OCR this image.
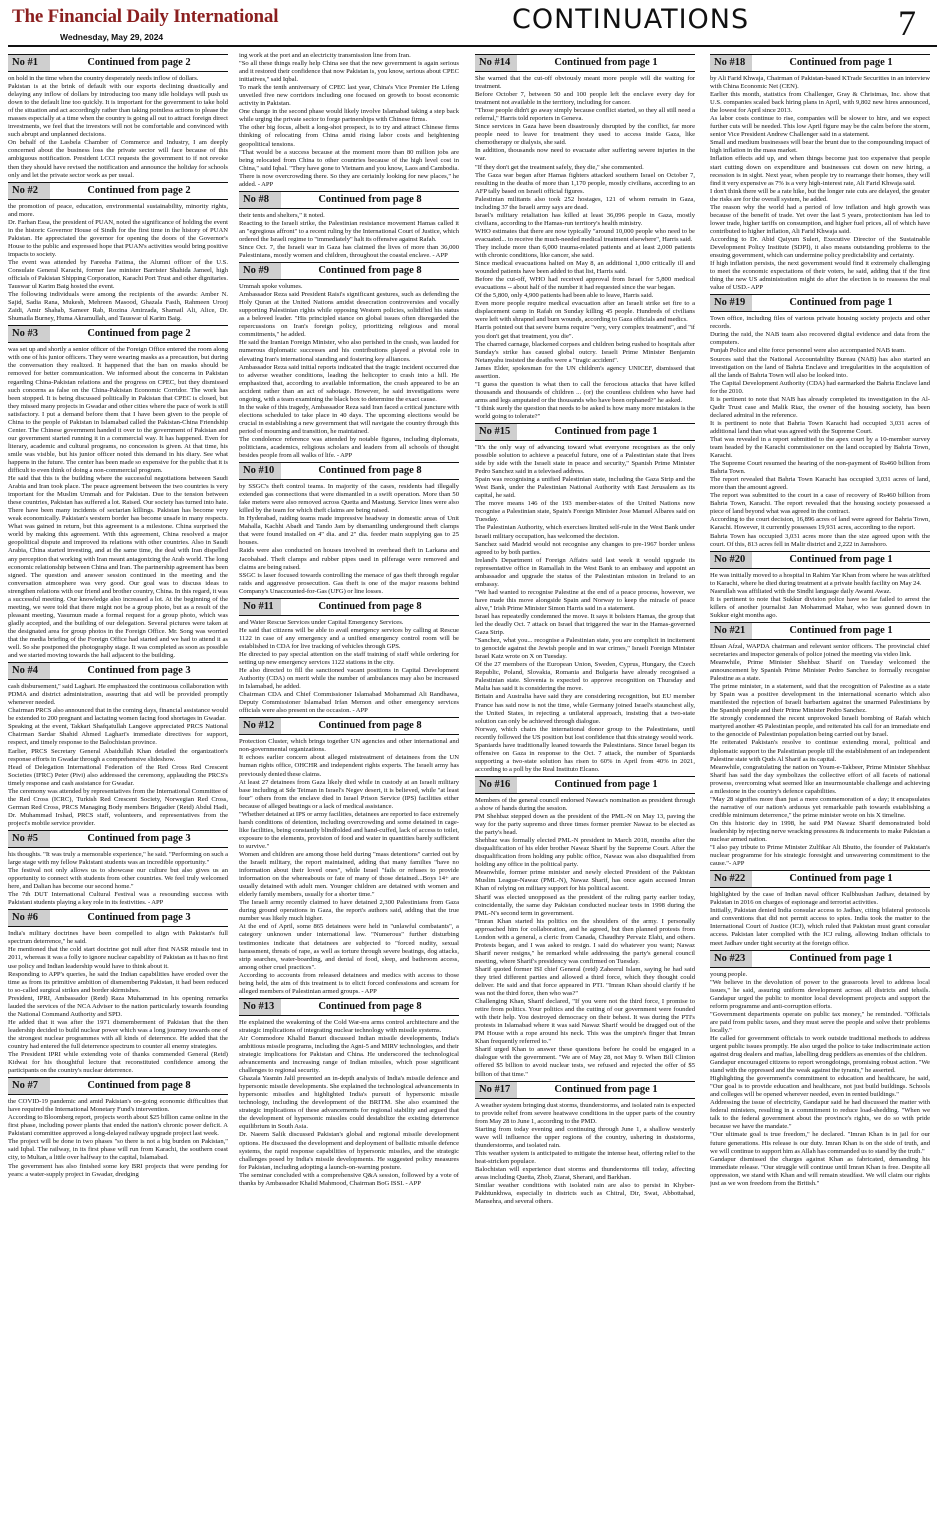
The Financial Daily International
Wednesday, May 29, 2024
CONTINUATIONS	7
No #1	Continued from page 2

on hold in the time when the country desperately needs inflow of dollars.

Pakistan is at the brink of default with our exports declining drastically and delaying any inflow of dollars by introducing too many idle holidays will push us down to the default line too quickly. It is important for the government to take hold of the situation and act accordingly rather than taking pointless actions to please the masses especially at a time when the country is going all out to attract foreign direct investments, we feel that the investors will not be comfortable and convinced with such abrupt and unplanned decisions.

On behalf of the Lasbela Chamber of Commerce and Industry, I am deeply concerned about the business loss the private sector will face because of this ambiguous notification. President LCCI requests the government to if not revoke then they should have revised the notification and announce the holiday for schools only and let the private sector work as per usual.

No #2	Continued from page 2

the promotion of peace, education, environmental sustainability, minority rights, and more.

Dr. Farhan Essa, the president of PUAN, noted the significance of holding the event in the historic Governor House of Sindh for the first time in the history of PUAN Pakistan. He appreciated the governor for opening the doors of the Governor's House to the public and expressed hope that PUAN's activities would bring positive impacts to society.

The event was attended by Fareeha Fatima, the Alumni officer of the U.S. Consulate General Karachi, former law minister Barrister Shahida Jameel, high officials of Pakistan Shipping Corporation, Karachi Port Trust and other dignitaries. Tauswar ul Karim Baig hosted the event.

The following individuals were among the recipients of the awards: Amber N. Sajid, Sadia Rana, Mukesh, Mehreen Masood, Ghazala Fasih, Rahmeen Urooj Zaidi, Amir Shahab, Sameer Rab, Rozina Amirzada, Shamail Ali, Alice, Dr. Shumaila Burney, Huma Akramullah, and Tauswar ul Karim Baig.

No #3	Continued from page 2

was set up and shortly a senior officer of the Foreign Office entered the room along with one of his junior officers. They were wearing masks as a precaution, but during the conversation they realized. It happened that the ban on masks should be removed for better communication. We informed about the concerns in Pakistan regarding China-Pakistan relations and the progress on CPEC, but they dismissed such concerns as false on the China-Pakistan Economic Corridor. The work has been stopped. It is being discussed politically in Pakistan that CPEC is closed, but they missed many projects in Gwadar and other cities where the pace of work is still satisfactory. I put a demand before them that I have been given to the people of China to the people of Pakistan in Islamabad called the Pakistan-China Friendship Center. The Chinese government handed it over to the government of Pakistan and our government started running it in a commercial way. It has happened. Even for literary, academic and cultural programs, no concession is given. At that time, his smile was visible, but his junior officer noted this demand in his diary. See what happens in the future. The center has been made so expensive for the public that it is difficult to even think of doing a non-commercial program.

He said that this is the building where the successful negotiations between Saudi Arabia and Iran took place. The peace agreement between the two countries is very important for the Muslim Ummah and for Pakistan. Due to the tension between these countries, Pakistan has suffered a lot. Raised. Our society has turned into hate. There have been many incidents of sectarian killings. Pakistan has become very weak economically. Pakistan's western border has become unsafe in many respects. What was gained in return, but this agreement is a milestone. China surprised the world by making this agreement. With this agreement, China resolved a major geopolitical dispute and improved its relations with other countries. Also in Saudi Arabia, China started investing, and at the same time, the deal with Iran dispelled any perception that working with Iran meant antagonizing the Arab world. The long economic relationship between China and Iran. The partnership agreement has been signed. The question and answer session continued in the meeting and the conversation atmosphere was very good. Our goal was to discuss ideas to strengthen relations with our friend and brother country, China. In this regard, it was a successful meeting. Our knowledge also increased a lot. At the beginning of the meeting, we were told that there might not be a group photo, but as a result of the pleasant meeting, Yasumun made a formal request for a group photo, which was gladly accepted, and the building of our delegation. Several pictures were taken at the designated area for group photos in the Foreign Office. Mr. Song was worried that the media briefing of the Foreign Office had started and we had to attend it as well. So she postponed the photography stage. It was completed as soon as possible and we started moving towards the hall adjacent to the building.

No #4	Continued from page 3

cash disbursement," said Laghari. He emphasized the continuous collaboration with PDMA and district administration, assuring that aid will be provided promptly whenever needed.

Chairman PRCS also announced that in the coming days, financial assistance would be extended to 200 pregnant and lactating women facing food shortages in Gwadar.

Speaking at the event, Takkari Shafqatullah Langove appreciated PRCS National Chairman Sardar Shahid Ahmed Laghari's immediate directives for support, respect, and timely response to the Balochistan province.

Earlier, PRCS Secretary General Abaidullah Khan detailed the organization's response efforts in Gwadar through a comprehensive slideshow.

Head of Delegation International Federation of the Red Cross Red Crescent Societies (IFRC) Peter (Pivi) also addressed the ceremony, applauding the PRCS's timely response and cash assistance for Gwadar.

The ceremony was attended by representatives from the International Committee of the Red Cross (ICRC), Turkish Red Crescent Society, Norwegian Red Cross, German Red Cross, PRCS Managing Body members Brigadier (Retd) Abdul Hadi, Dr. Muhammad Irshad, PRCS staff, volunteers, and representatives from the project's mobile service provider.

No #5	Continued from page 3

his thoughts. "It was truly a memorable experience," he said. "Performing on such a large stage with my fellow Pakistani students was an incredible opportunity."

The festival not only allows us to showcase our culture but also gives us an opportunity to connect with students from other countries. We feel truly welcomed here, and Dalian has become our second home."

The 7th DUT International Cultural Festival was a resounding success with Pakistani students playing a key role in its festivities. - APP

No #6	Continued from page 3

India's military doctrines have been compelled to align with Pakistan's full spectrum deterrence," he said.

He mentioned that the cold start doctrine got null after first NASR missile test in 2011, whereas it was a folly to ignore nuclear capability of Pakistan as it has no first use policy and Indian leadership would have to think about it.

Responding to APP's queries, he said the Indian capabilities have eroded over the time as from its primitive ambition of dismembering Pakistan, it had been reduced to so-called surgical strikes and border skirmishes.

President, IPRI, Ambassador (Retd) Raza Muhammad in his opening remarks lauded the services of the NCA Adviser to the nation particularly towards founding the National Command Authority and SPD.

He added that it was after the 1971 dismemberment of Pakistan that the then leadership decided to build nuclear power which was a long journey towards one of the strongest nuclear programmes with all kinds of deterrence. He added that the country had entered the full deterrence spectrum to counter all enemy strategies.

The President IPRI while extending vote of thanks commended General (Retd) Kidwai for his thoughtful lecture that reconstituted confidence among the participants on the country's nuclear deterrence.

No #7	Continued from page 8

the COVID-19 pandemic and amid Pakistan's on-going economic difficulties that have required the International Monetary Fund's intervention.

According to Bloomberg report, projects worth about $25 billion came online in the first phase, including power plants that ended the nation's chronic power deficit. A Pakistani committee approved a long-delayed railway upgrade project last week.

The project will be done in two phases "so there is not a big burden on Pakistan," said Iqbal. The railway, in its first phase will run from Karachi, the southern coast city, to Multan, a little over halfway to the capital, Islamabad.

The government has also finished some key BRI projects that were pending for years: a water-supply project in Gwadar, dredging

ing work at the port and an electricity transmission line from Iran.

"So all these things really help China see that the new government is again serious and it restored their confidence that now Pakistan is, you know, serious about CPEC initiatives," said Iqbal.

To mark the tenth anniversary of CPEC last year, China's Vice Premier He Lifeng unveiled five new corridors including one focused on growth to boost economic activity in Pakistan.

One change in the second phase would likely involve Islamabad taking a step back while urging the private sector to forge partnerships with Chinese firms.

The other big focus, albeit a long-shot prospect, is to try and attract Chinese firms thinking of relocating from China amid rising labor costs and heightening geopolitical tensions.

"That would be a success because at the moment more than 80 million jobs are being relocated from China to other countries because of the high level cost in China," said Iqbal. "They have gone to Vietnam and you know, Laos and Cambodia. There is now overcrowding there. So they are certainly looking for new places," he added. - APP

No #8	Continued from page 8

their tents and shelters," it noted.

Reacting to the Israeli strike, the Palestinian resistance movement Hamas called it an "egregious affront" to a recent ruling by the International Court of Justice, which ordered the Israeli regime to "immediately" halt its offensive against Rafah.

Since Oct. 7, the Israeli war in Gaza has claimed the lives of more than 36,000 Palestinians, mostly women and children, throughout the coastal enclave. - APP

No #9	Continued from page 8

Ummah spoke volumes.

Ambassador Reza said President Raisi's significant gestures, such as defending the Holy Quran at the United Nations amidst desecration controversies and vocally supporting Palestinian rights while opposing Western policies, solidified his status as a beloved leader. "His principled stance on global issues often disregarded the repercussions on Iran's foreign policy, prioritizing religious and moral commitments," he added.

He said the Iranian Foreign Minister, who also perished in the crash, was lauded for numerous diplomatic successes and his contributions played a pivotal role in elevating Iran's international standing and fostering key alliances.

Ambassador Reza said initial reports indicated that the tragic incident occurred due to adverse weather conditions, leading the helicopter to crash into a hill. He emphasized that, according to available information, the crash appeared to be an accident rather than an act of sabotage. However, he said investigations were ongoing, with a team examining the black box to determine the exact cause.

In the wake of this tragedy, Ambassador Reza said Iran faced a critical juncture with elections scheduled to take place in 40 days. The upcoming elections would be crucial in establishing a new government that will navigate the country through this period of mourning and transition, he maintained.

The condolence reference was attended by notable figures, including diplomats, politicians, academics, religious scholars and leaders from all schools of thought besides people from all walks of life. - APP

No #10	Continued from page 8

by SSGC's theft control teams. In majority of the cases, residents had illegally extended gas connections that were dismantled in a swift operation. More than 50 fake meters were also removed across Quetta and Mastung. Service lines were also killed by the team for which theft claims are being raised.

In Hyderabad, raiding teams made impressive headway in domestic areas of Unit Mahalla, Kachhi Abadi and Tando Jam by dismantling underground theft clamps that were found installed on 4" dia. and 2" dia. feeder main supplying gas to 25 houses.

Raids were also conducted on houses involved in overhead theft in Larkana and Jacobabad. Theft clamps and rubber pipes used in pilferage were removed and claims are being raised.

SSGC is laser focused towards controlling the menace of gas theft through regular raids and aggressive prosecution. Gas theft is one of the major reasons behind Company's Unaccounted-for-Gas (UFG) or line losses.

No #11	Continued from page 8

and Water Rescue Services under Capital Emergency Services.

He said that citizens will be able to avail emergency services by calling at Rescue 1122 in case of any emergency and a unified emergency control room will be established in CDA for live tracking of vehicles through GPS.

He directed to pay special attention on the staff training of staff while ordering for setting up new emergency services 1122 stations in the city.

He also directed to fill the sanctioned vacant positions in Capital Development Authority (CDA) on merit while the number of ambulances may also be increased in Islamabad, he added.

Chairman CDA and Chief Commissioner Islamabad Mohammad Ali Randhawa, Deputy Commissioner Islamabad Irfan Memon and other emergency services officials were also present on the occasion. - APP

No #12	Continued from page 8

Protection Cluster, which brings together UN agencies and other international and non-governmental organizations.

It echoes earlier concern about alleged mistreatment of detainees from the UN human rights office, OHCHR and independent rights experts. The Israeli army has previously denied these claims.

At least 27 detainees from Gaza likely died while in custody at an Israeli military base including at Sde Teiman in Israel's Negev desert, it is believed, while "at least four" others from the enclave died in Israel Prison Service (IPS) facilities either because of alleged beatings or a lack of medical assistance.

"Whether detained at IPS or army facilities, detainees are reported to face extremely harsh conditions of detention, including overcrowding and some detained in cage-like facilities, being constantly blindfolded and hand-cuffed, lack of access to toilet, exposure to the elements, provision of food and water in quantities barely sufficient to survive."

Women and children are among those held during "mass detentions" carried out by the Israeli military, the report maintained, adding that many families "have no information about their loved ones", while Israel "fails or refuses to provide information on the whereabouts or fate of many of those detained...Boys 14+ are usually detained with adult men. Younger children are detained with women and elderly family members, usually for a shorter time."

The Israeli army recently claimed to have detained 2,300 Palestinians from Gaza during ground operations in Gaza, the report's authors said, adding that the true number was likely much higher.

At the end of April, some 865 detainees were held in "unlawful combatants", a category unknown under international law. "Numerous" further disturbing testimonies indicate that detainees are subjected to "forced nudity, sexual harassment, threats of rape, as well as torture through severe beatings, dog attacks, strip searches, water-boarding, and denial of food, sleep, and bathroom access, among other cruel practices".

According to accounts from released detainees and medics with access to those being held, the aim of this treatment is to elicit forced confessions and scream for alleged members of Palestinian armed groups. - APP

No #13	Continued from page 8

He explained the weakening of the Cold War-era arms control architecture and the strategic implications of integrating nuclear technology with missile systems.

Air Commodore Khalid Banuri discussed Indian missile developments, India's ambitious missile programs, including the Agni-5 and MIRV technologies, and their strategic implications for Pakistan and China. He underscored the technological advancements and increasing range of Indian missiles, which pose significant challenges to regional security.

Ghazala Yasmin Jalil presented an in-depth analysis of India's missile defence and hypersonic missile developments. She explained the technological advancements in hypersonic missiles and highlighted India's pursuit of hypersonic missile technology, including the development of the BRITM. She also examined the strategic implications of these advancements for regional stability and argued that the development of hypersonic missiles could destabilize the existing deterrence equilibrium in South Asia.

Dr. Naeem Salik discussed Pakistan's global and regional missile development options. He discussed the development and deployment of ballistic missile defence systems, the rapid response capabilities of hypersonic missiles, and the strategic challenges posed by India's missile developments. He suggested policy measures for Pakistan, including adopting a launch-on-warning posture.

The seminar concluded with a comprehensive Q&A session, followed by a vote of thanks by Ambassador Khalid Mahmood, Chairman BoG ISSI. - APP

No #14	Continued from page 1

She warned that the cut-off obviously meant more people will die waiting for treatment.

Before October 7, between 50 and 100 people left the enclave every day for treatment not available in the territory, including for cancer.

"Those people didn't go away simply because conflict started, so they all still need a referral," Harris told reporters in Geneva.

Since services in Gaza have been disastrously disrupted by the conflict, far more people need to leave for treatment they used to access inside Gaza, like chemotherapy or dialysis, she said.

In addition, thousands now need to evacuate after suffering severe injuries in the war.

"If they don't get the treatment safely, they die," she commented.

The Gaza war began after Hamas fighters attacked southern Israel on October 7, resulting in the deaths of more than 1,170 people, mostly civilians, according to an AFP tally based on Israeli official figures.

Palestinian militants also took 252 hostages, 121 of whom remain in Gaza, including 37 the Israeli army says are dead.

Israel's military retaliation has killed at least 36,096 people in Gaza, mostly civilians, according to the Hamas-run territory's health ministry.

WHO estimates that there are now typically "around 10,000 people who need to be evacuated... to receive the much-needed medical treatment elsewhere", Harris said.

They include more than 6,000 trauma-related patients and at least 2,000 patients with chronic conditions, like cancer, she said.

Since medical evacuations halted on May 8, an additional 1,000 critically ill and wounded patients have been added to that list, Harris said.

Before the cut-off, WHO had received approval from Israel for 5,800 medical evacuations -- about half of the number it had requested since the war began.

Of the 5,800, only 4,900 patients had been able to leave, Harris said.

Even more people require medical evacuation after an Israeli strike set fire to a displacement camp in Rafah on Sunday killing 45 people. Hundreds of civilians were left with shrapnel and burn wounds, according to Gaza officials and medics.

Harris pointed out that severe burns require "very, very complex treatment", and "if you don't get that treatment, you die".

The charred carnage, blackened corpses and children being rushed to hospitals after Sunday's strike has caused global outcry. Israeli Prime Minister Benjamin Netanyahu insisted the deaths were a "tragic accident".

James Elder, spokesman for the UN children's agency UNICEF, dismissed that assertion.

"I guess the question is what then to call the ferocious attacks that have killed thousands and thousands of children ... (or) the countless children who have had arms and legs amputated or the thousands who have been orphaned?" he asked.

"I think surely the question that needs to be asked is how many more mistakes is the world going to tolerate?"

No #15	Continued from page 1

"It's the only way of advancing toward what everyone recognises as the only possible solution to achieve a peaceful future, one of a Palestinian state that lives side by side with the Israeli state in peace and security," Spanish Prime Minister Pedro Sanchez said in a televised address.

Spain was recognising a unified Palestinian state, including the Gaza Strip and the West Bank, under the Palestinian National Authority with East Jerusalem as its capital, he said.

The move means 146 of the 193 member-states of the United Nations now recognise a Palestinian state, Spain's Foreign Minister Jose Manuel Albares said on Tuesday.

The Palestinian Authority, which exercises limited self-rule in the West Bank under Israeli military occupation, has welcomed the decision.

Sanchez said Madrid would not recognise any changes to pre-1967 border unless agreed to by both parties.

Ireland's Department of Foreign Affairs said last week it would upgrade its representative office in Ramallah in the West Bank to an embassy and appoint an ambassador and upgrade the status of the Palestinian mission in Ireland to an embassy.

"We had wanted to recognise Palestine at the end of a peace process, however, we have made this move alongside Spain and Norway to keep the miracle of peace alive," Irish Prime Minister Simon Harris said in a statement.

Israel has repeatedly condemned the move. It says it bolsters Hamas, the group that led the deadly Oct. 7 attack on Israel that triggered the war in the Hamas-governed Gaza Strip.

"Sanchez, what you... recognise a Palestinian state, you are complicit in incitement to genocide against the Jewish people and in war crimes," Israeli Foreign Minister Israel Katz wrote on X on Tuesday.

Of the 27 members of the European Union, Sweden, Cyprus, Hungary, the Czech Republic, Poland, Slovakia, Romania and Bulgaria have already recognised a Palestinian state. Slovenia is expected to approve recognition on Thursday and Malta has said it is considering the move.

Britain and Australia have said they are considering recognition, but EU member France has said now is not the time, while Germany joined Israel's staunchest ally, the United States, in rejecting a unilateral approach, insisting that a two-state solution can only be achieved through dialogue.

Norway, which chairs the international donor group to the Palestinians, until recently followed the US position but lost confidence that this strategy would work.

Spaniards have traditionally leaned towards the Palestinians. Since Israel began its offensive on Gaza in response to the Oct. 7 attack, the number of Spaniards supporting a two-state solution has risen to 60% in April from 40% in 2021, according to a poll by the Real Instituto Elcano.

No #16	Continued from page 1

Members of the general council endorsed Nawaz's nomination as president through a show of hands during the session.

PM Shehbaz stepped down as the president of the PML-N on May 13, paving the way for the party supremo and three times former premier Nawaz to be elected as the party's head.

Shehbaz was formally elected PML-N president in March 2018, months after the disqualification of his elder brother Nawaz Sharif by the Supreme Court. After the disqualification from holding any public office, Nawaz was also disqualified from holding any office in the political party.

Meanwhile, former prime minister and newly elected President of the Pakistan Muslim League-Nawaz (PML-N), Nawaz Sharif, has once again accused Imran Khan of relying on military support for his political ascent.

Sharif was elected unopposed as the president of the ruling party earlier today, coincidentally, the same day Pakistan conducted nuclear tests in 1998 during the PML-N's second term in government.

"Imran Khan started his politics on the shoulders of the army. I personally approached him for collaboration, and he agreed, but then planned protests from London with a general, a cleric from Canada, Chaudhry Pervaiz Elahi, and others. Protests began, and I was asked to resign. I said do whatever you want; Nawaz Sharif never resigns," he remarked while addressing the party's general council meeting, where Sharif's presidency was confirmed on Tuesday.

Sharif quoted former ISI chief General (retd) Zaheerul Islam, saying he had said they tried different parties and allowed a third force, which they thought could deliver. He said and that force appeared in PTI. "Imran Khan should clarify if he was not the third force, then who was?"

Challenging Khan, Sharif declared, "If you were not the third force, I promise to retire from politics. Your politics and the cutting of our government were founded with their help. You destroyed democracy on their behest. It was during the PTI's protests in Islamabad where it was said Nawaz Sharif would be dragged out of the PM House with a rope around his neck. This was the umpire's finger that Imran Khan frequently referred to."

Sharif urged Khan to answer these questions before he could be engaged in a dialogue with the government. "We are of May 28, not May 9. When Bill Clinton offered $5 billion to avoid nuclear tests, we refused and rejected the offer of $5 billion of that time."

No #17	Continued from page 1

A weather system bringing dust storms, thunderstorms, and isolated rain is expected to provide relief from severe heatwave conditions in the upper parts of the country from May 28 to June 1, according to the PMD.

Starting from today evening and continuing through June 1, a shallow westerly wave will influence the upper regions of the country, ushering in duststorms, thunderstorms, and isolated rain.

This weather system is anticipated to mitigate the intense heat, offering relief to the heat-stricken populace.

Balochistan will experience dust storms and thunderstorms till today, affecting areas including Quetta, Zhob, Ziarat, Sherani, and Barkhan.

Similar weather conditions with isolated rain are also to persist in Khyber-Pakhtunkhwa, especially in districts such as Chitral, Dir, Swat, Abbottabad, Mansehra, and several others.

No #18	Continued from page 1

by Ali Farid Khwaja, Chairman of Pakistan-based KTrade Securities in an interview with China Economic Net (CEN).

Earlier this month, statistics from Challenger, Gray & Christmas, Inc. show that U.S. companies scaled back hiring plans in April, with 9,802 new hires announced, the lowest for April since 2013.

As labor costs continue to rise, companies will be slower to hire, and we expect further cuts will be needed. This low April figure may be the calm before the storm, senior Vice President Andrew Challenger said in a statement.

Small and medium businesses will bear the brunt due to the compounding impact of high inflation in the mass market.

Inflation effects add up, and when things become just too expensive that people start cutting down on expenditure and businesses cut down on new hiring, a recession is in sight. Next year, when people try to rearrange their homes, they will find it very expensive as 7% is a very high-interest rate, Ali Farid Khwaja said.

I don't think there will be a rate hike, but the longer rate cuts are delayed, the greater the risks are for the overall system, he added.

The reason why the world had a period of low inflation and high growth was because of the benefit of trade. Yet over the last 5 years, protectionism has led to lower trade, higher tariffs on consumption, and higher fuel prices, all of which have contributed to higher inflation, Ali Farid Khwaja said.

According to Dr. Abid Qaiyum Suleri, Executive Director of the Sustainable Development Policy Institute (SDPI), it also means outstanding problems to the ensuing government, which can undermine policy predictability and certainty.

If high inflation persists, the next government would find it extremely challenging to meet the economic expectations of their voters, he said, adding that if the first thing the new US administration might do after the election is to reassess the real value of USD.- APP

No #19	Continued from page 1

Town office, including files of various private housing society projects and other records.

During the raid, the NAB team also recovered digital evidence and data from the computers.

Punjab Police and elite force personnel were also accompanied NAB team.

Sources said that the National Accountability Bureau (NAB) has also started an investigation on the land of Bahria Enclave and irregularities in the acquisition of all the lands of Bahria Town will also be looked into.

The Capital Development Authority (CDA) had earmarked the Bahria Enclave land for the 2010.

It is pertinent to note that NAB has already completed its investigation in the Al-Qadir Trust case and Malik Riaz, the owner of the housing society, has been declared admiral in the reference.

It is pertinent to note that Bahria Town Karachi had occupied 3,031 acres of additional land than what was agreed with the Supreme Court.

That was revealed in a report submitted to the apex court by a 10-member survey team headed by the Karachi commissioner on the land occupied by Bahria Town, Karachi.

The Supreme Court resumed the hearing of the non-payment of Rs460 billion from Bahria Town.

The report revealed that Bahria Town Karachi has occupied 3,031 acres of land, more than the amount agreed.

The report was submitted to the court in a case of recovery of Rs460 billion from Bahria Town, Karachi. The report revealed that the housing society possessed a piece of land beyond what was agreed in the contract.

According to the court decision, 16,896 acres of land were agreed for Bahria Town, Karachi. However, it currently possesses 19,931 acres, according to the report.

Bahria Town has occupied 3,031 acres more than the size agreed upon with the court. Of this, 813 acres fell in Malir district and 2,222 in Jamshoro.

No #20	Continued from page 1

He was initially moved to a hospital in Rahim Yar Khan from where he was airlifted to Karachi, where he died during treatment at a private health facility on May 24.

Nasrullah was affiliated with the Sindhi language daily Awami Awaz.

It is pertinent to note that Sukkur division police have so far failed to arrest the killers of another journalist Jan Mohammad Mahar, who was gunned down in Sukkur eight months ago.

No #21	Continued from page 1

Ehsan Afzal, WAPDA chairman and relevant senior officers. The provincial chief secretaries and inspector generals of police joined the meeting via video link.

Meanwhile, Prime Minister Shehbaz Sharif on Tuesday welcomed the announcement by Spanish Prime Minister Pedro Sanchez to formally recognise Palestine as a state.

The prime minister, in a statement, said that the recognition of Palestine as a state by Spain was a positive development in the international scenario which also manifested the rejection of Israeli barbarism against the unarmed Palestinians by the Spanish people and their Prime Minister Pedro Sanchez.

He strongly condemned the recent unprovoked Israeli bombing of Rafah which martyred another 45 Palestinian people, and reiterated his call for an immediate end to the genocide of Palestinian population being carried out by Israel.

He reiterated Pakistan's resolve to continue extending moral, political and diplomatic support to the Palestinian people till the establishment of an independent Palestine state with Quds Al Sharif as its capital.

Meanwhile, congratulating the nation on Youm-e-Takbeer, Prime Minister Shehbaz Sharif has said the day symbolizes the collective effort of all facets of national prowess, overcoming what seemed like an insurmountable challenge and achieving a milestone in the country's defence capabilities.

"May 28 signifies more than just a mere commemoration of a day; it encapsulates the narrative of our nation's arduous yet remarkable path towards establishing a credible minimum deterrence," the prime minister wrote on his X timeline.

On this historic day in 1998, he said PM Nawaz Sharif demonstrated bold leadership by rejecting nerve wracking pressures & inducements to make Pakistan a nuclear armed nation.

"I also pay tribute to Prime Minister Zulfikar Ali Bhutto, the founder of Pakistan's nuclear programme for his strategic foresight and unwavering commitment to the cause."- APP

No #22	Continued from page 1

highlighted by the case of Indian naval officer Kulbhushan Jadhav, detained by Pakistan in 2016 on charges of espionage and terrorist activities.

Initially, Pakistan denied India consular access to Jadhav, citing bilateral protocols and conventions that did not permit access to spies. India took the matter to the International Court of Justice (ICJ), which ruled that Pakistan must grant consular access. Pakistan later complied with the ICJ ruling, allowing Indian officials to meet Jadhav under tight security at the foreign office.

No #23	Continued from page 1

young people.

"We believe in the devolution of power to the grassroots level to address local issues," he said, assuring uniform development across all districts and tehsils. Gandapur urged the public to monitor local development projects and support the reform programme and anti-corruption efforts.

"Government departments operate on public tax money," he reminded. "Officials are paid from public taxes, and they must serve the people and solve their problems locally."

He called for government officials to work outside traditional methods to address urgent public issues promptly. He also urged the police to take indiscriminate action against drug dealers and mafias, labelling drug peddlers as enemies of the children.

Gandapur encouraged citizens to report wrongdoings, promising robust action. "We stand with the oppressed and the weak against the tyrants," he asserted.

Highlighting the government's commitment to education and healthcare, he said, "Our goal is to provide education and healthcare, not just build buildings. Schools and colleges will be opened wherever needed, even in rented buildings."

Addressing the issue of electricity, Gandapur said he had discussed the matter with federal ministers, resulting in a commitment to reduce load-shedding. "When we talk to the federal government about the province's rights, we do so with pride because we have the mandate."

"Our ultimate goal is true freedom," he declared. "Imran Khan is in jail for our future generations. His release is our duty. Imran Khan is on the side of truth, and we will continue to support him as Allah has commanded us to stand by the truth."

Gandapur dismissed the charges against Khan as fabricated, demanding his immediate release. "Our struggle will continue until Imran Khan is free. Despite all oppression, we stand with Khan and will remain steadfast. We will claim our rights just as we won freedom from the British."
